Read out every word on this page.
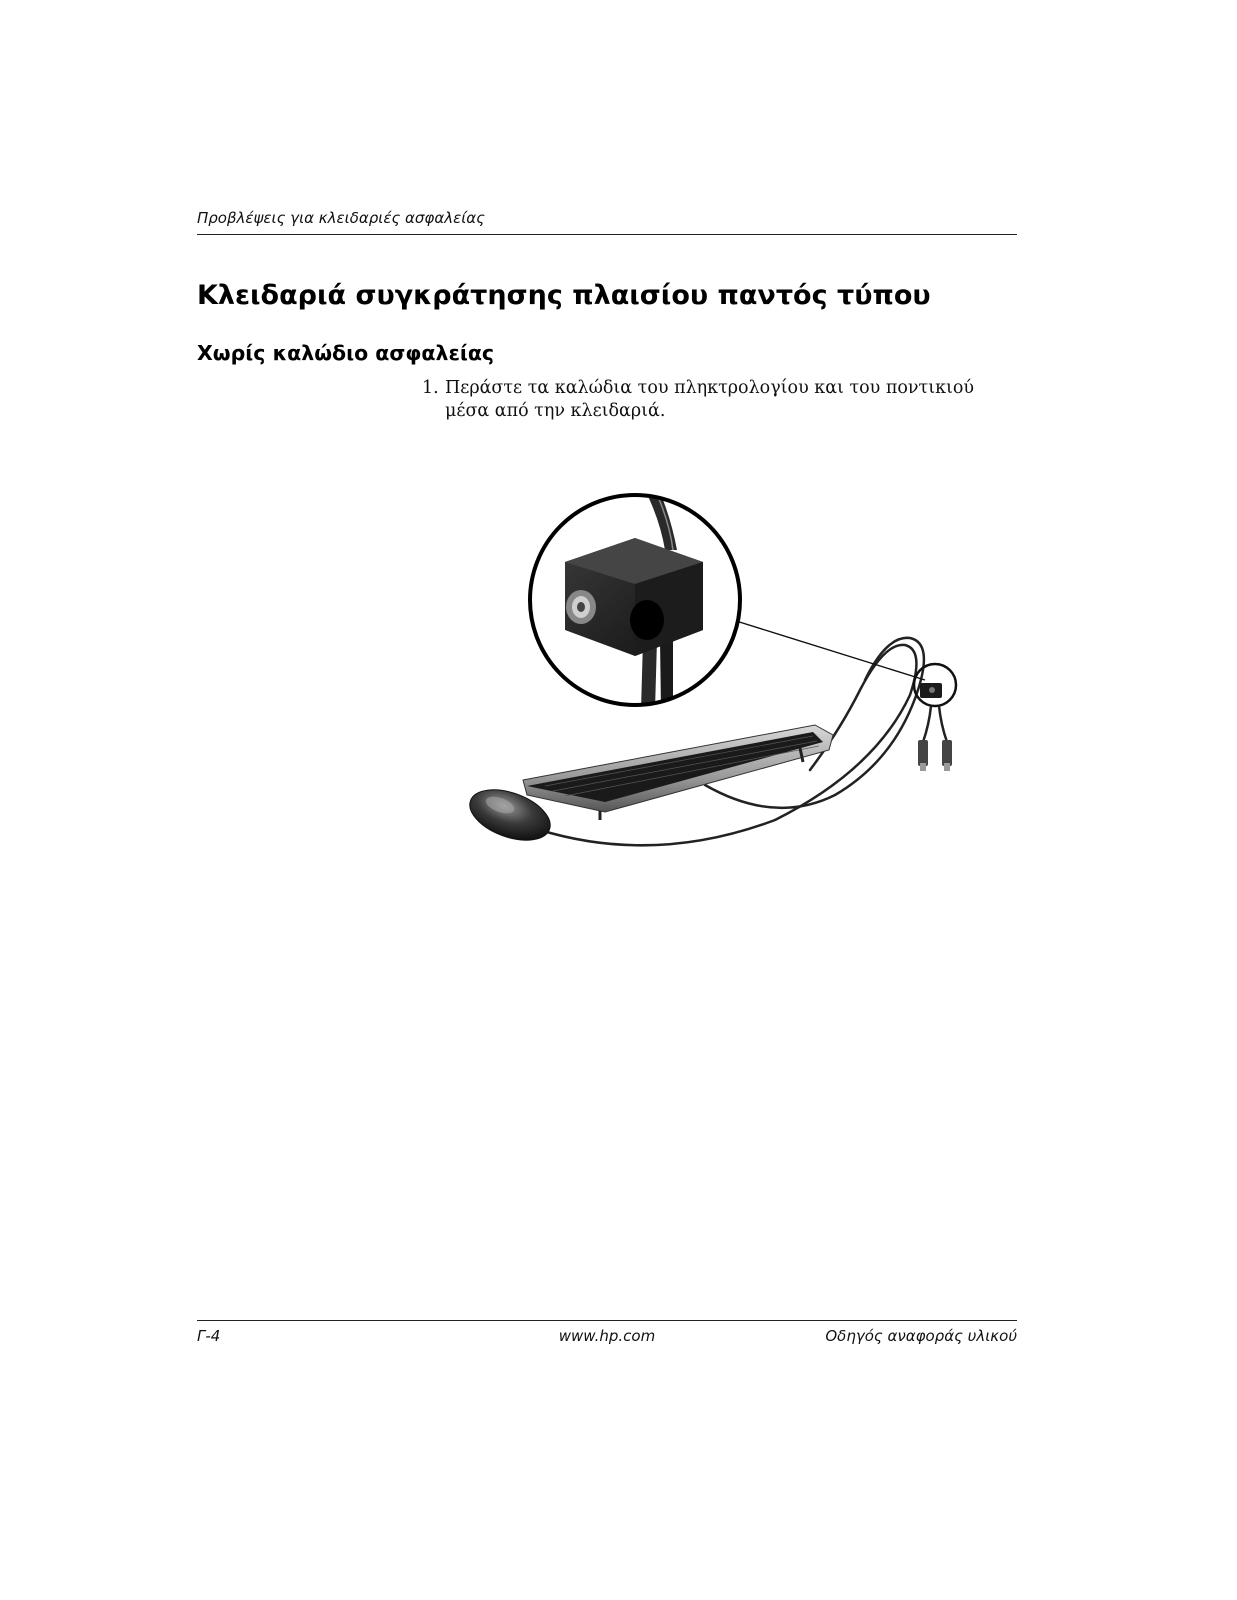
Προβλέψεις για κλειδαριές ασφαλείας
Κλειδαριά συγκράτησης πλαισίου παντός τύπου
Χωρίς καλώδιο ασφαλείας
1. Περάστε τα καλώδια του πληκτρολογίου και του ποντικιού μέσα από την κλειδαριά.
Γ-4	www.hp.com	Οδηγός αναφοράς υλικού
